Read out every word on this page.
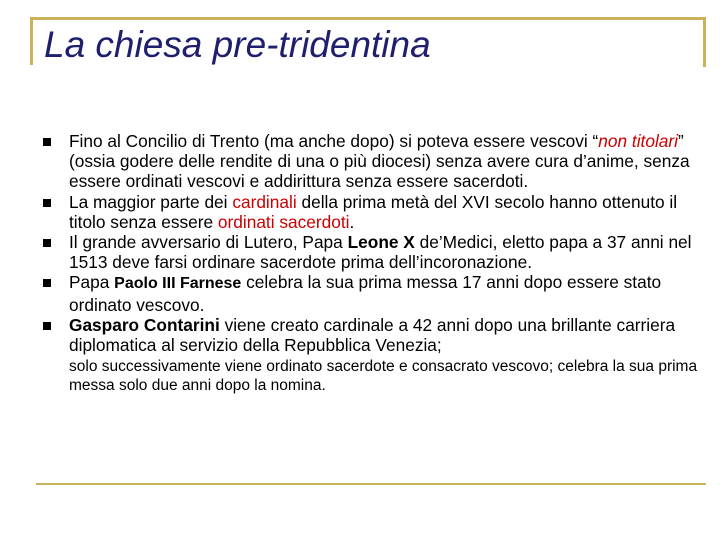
La chiesa pre-tridentina
Fino al Concilio di Trento (ma anche dopo) si poteva essere vescovi “non titolari” (ossia godere delle rendite di una o più diocesi) senza avere cura d’anime, senza essere ordinati vescovi e addirittura senza essere sacerdoti.
La maggior parte dei cardinali della prima metà del XVI secolo hanno ottenuto il titolo senza essere ordinati sacerdoti.
Il grande avversario di Lutero, Papa Leone X de’Medici, eletto papa a 37 anni nel 1513 deve farsi ordinare sacerdote prima dell’incoronazione.
Papa Paolo III Farnese celebra la sua prima messa 17 anni dopo essere stato ordinato vescovo.
Gasparo Contarini viene creato cardinale a 42 anni dopo una brillante carriera diplomatica al servizio della Repubblica Venezia;
solo successivamente viene ordinato sacerdote e consacrato vescovo; celebra la sua prima messa solo due anni dopo la nomina.
